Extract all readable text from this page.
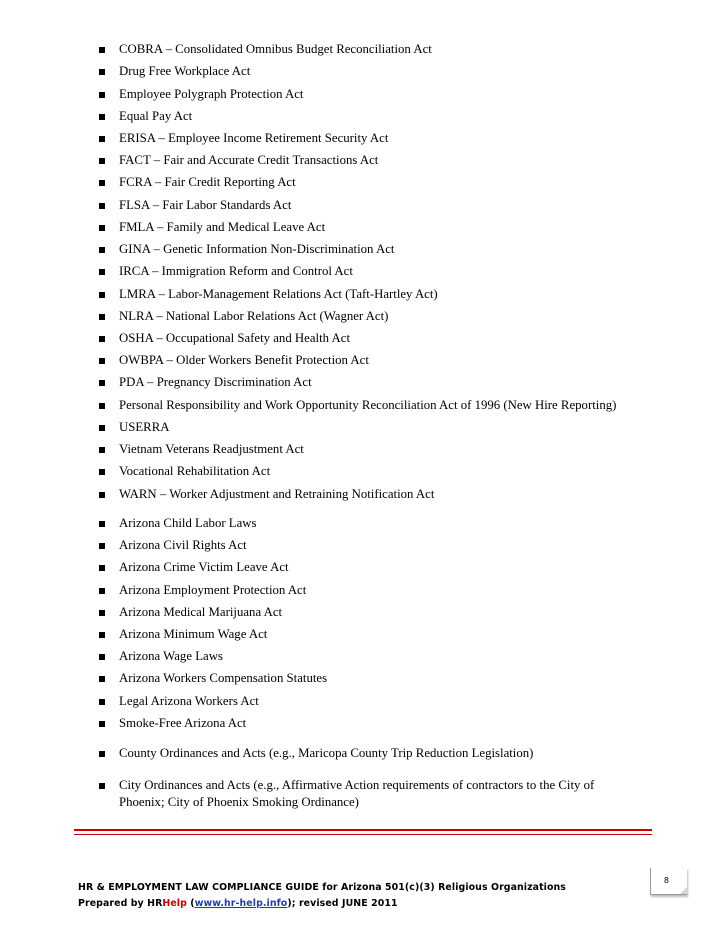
COBRA – Consolidated Omnibus Budget Reconciliation Act
Drug Free Workplace Act
Employee Polygraph Protection Act
Equal Pay Act
ERISA – Employee Income Retirement Security Act
FACT – Fair and Accurate Credit Transactions Act
FCRA – Fair Credit Reporting Act
FLSA – Fair Labor Standards Act
FMLA – Family and Medical Leave Act
GINA – Genetic Information Non-Discrimination Act
IRCA – Immigration Reform and Control Act
LMRA – Labor-Management Relations Act (Taft-Hartley Act)
NLRA – National Labor Relations Act (Wagner Act)
OSHA – Occupational Safety and Health Act
OWBPA – Older Workers Benefit Protection Act
PDA – Pregnancy Discrimination Act
Personal Responsibility and Work Opportunity Reconciliation Act of 1996 (New Hire Reporting)
USERRA
Vietnam Veterans Readjustment Act
Vocational Rehabilitation Act
WARN – Worker Adjustment and Retraining Notification Act
Arizona Child Labor Laws
Arizona Civil Rights Act
Arizona Crime Victim Leave Act
Arizona Employment Protection Act
Arizona Medical Marijuana Act
Arizona Minimum Wage Act
Arizona Wage Laws
Arizona Workers Compensation Statutes
Legal Arizona Workers Act
Smoke-Free Arizona Act
County Ordinances and Acts (e.g., Maricopa County Trip Reduction Legislation)
City Ordinances and Acts (e.g., Affirmative Action requirements of contractors to the City of Phoenix; City of Phoenix Smoking Ordinance)
8
HR & EMPLOYMENT LAW COMPLIANCE GUIDE for Arizona 501(c)(3) Religious Organizations
Prepared by HRHelp (www.hr-help.info); revised JUNE 2011
